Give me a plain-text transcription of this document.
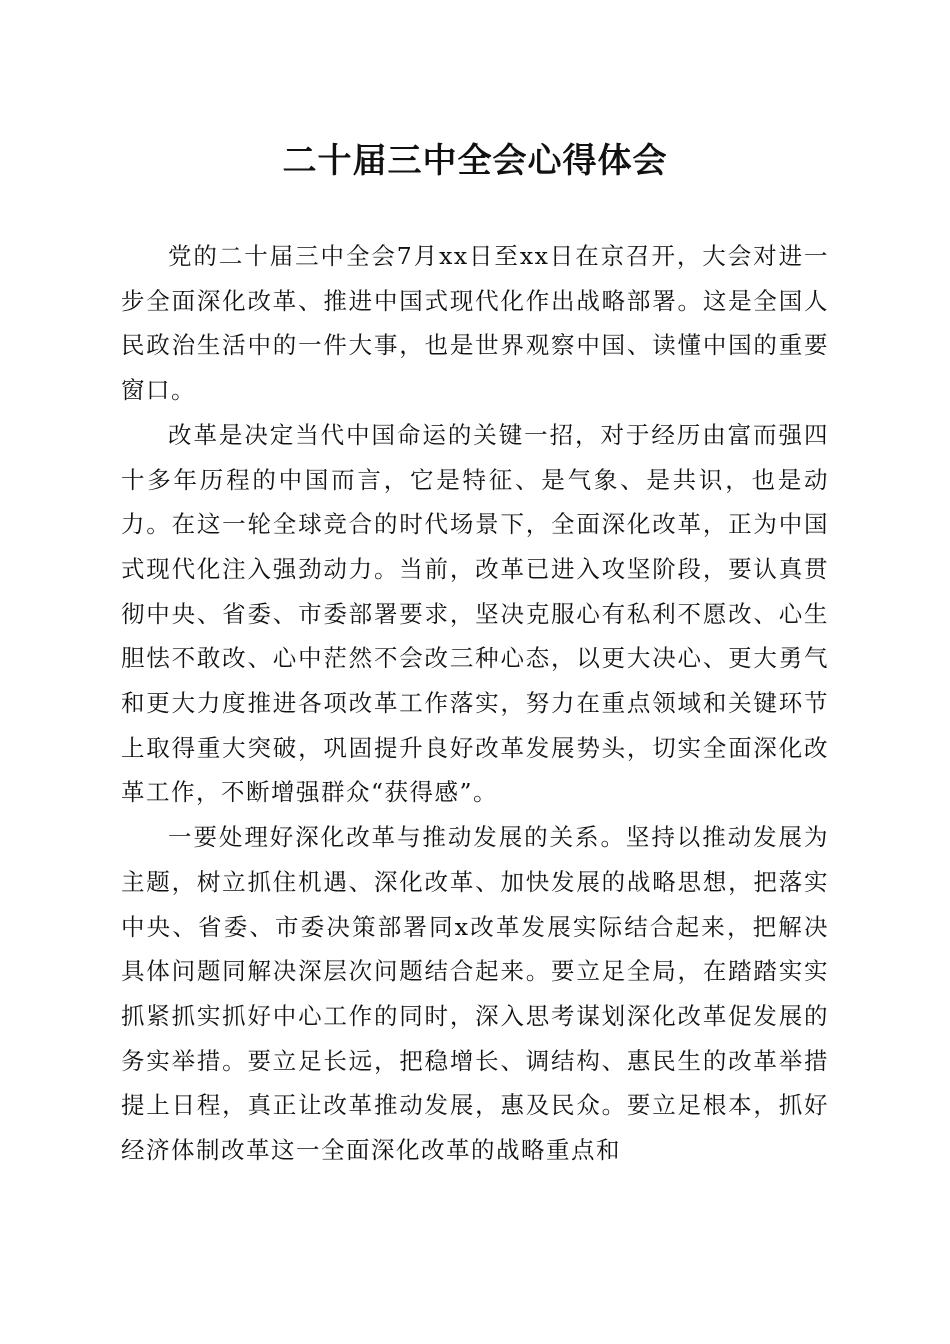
二十届三中全会心得体会

党的二十届三中全会7月xx日至xx日在京召开，大会对进一步全面深化改革、推进中国式现代化作出战略部署。这是全国人民政治生活中的一件大事，也是世界观察中国、读懂中国的重要窗口。

改革是决定当代中国命运的关键一招，对于经历由富而强四十多年历程的中国而言，它是特征、是气象、是共识，也是动力。在这一轮全球竞合的时代场景下，全面深化改革，正为中国式现代化注入强劲动力。当前，改革已进入攻坚阶段，要认真贯彻中央、省委、市委部署要求，坚决克服心有私利不愿改、心生胆怯不敢改、心中茫然不会改三种心态，以更大决心、更大勇气和更大力度推进各项改革工作落实，努力在重点领域和关键环节上取得重大突破，巩固提升良好改革发展势头，切实全面深化改革工作，不断增强群众“获得感”。

一要处理好深化改革与推动发展的关系。坚持以推动发展为主题，树立抓住机遇、深化改革、加快发展的战略思想，把落实中央、省委、市委决策部署同x改革发展实际结合起来，把解决具体问题同解决深层次问题结合起来。要立足全局，在踏踏实实抓紧抓实抓好中心工作的同时，深入思考谋划深化改革促发展的务实举措。要立足长远，把稳增长、调结构、惠民生的改革举措提上日程，真正让改革推动发展，惠及民众。要立足根本，抓好经济体制改革这一全面深化改革的战略重点和
